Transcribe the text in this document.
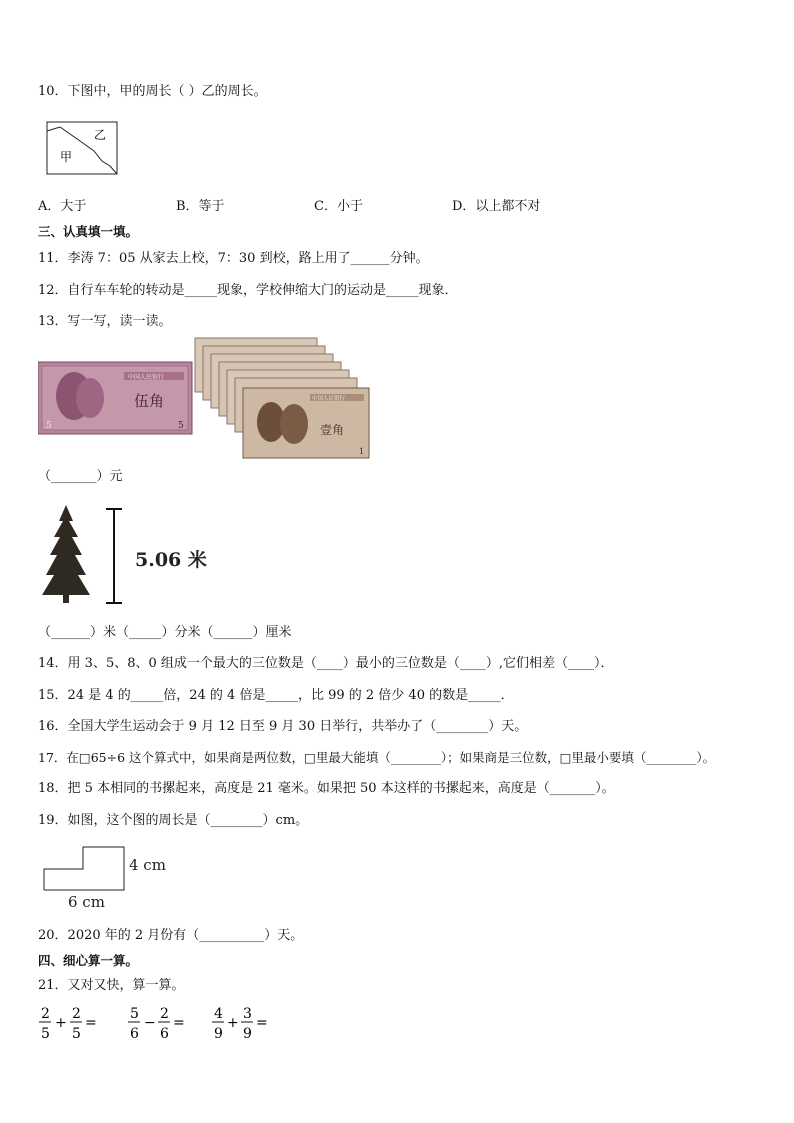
10．下图中，甲的周长（ ）乙的周长。
甲
乙
A．大于	B．等于	C．小于	D．以上都不对
三、认真填一填。
11．李涛 7：05 从家去上校，7：30 到校，路上用了______分钟。
12．自行车车轮的转动是_____现象，学校伸缩大门的运动是_____现象．
13．写一写，读一读。
中国人民银行
伍角
5	5
中国人民银行
壹角
1
（_______）元
5.06 米
（______）米（_____）分米（______）厘米
14．用 3、5、8、0 组成一个最大的三位数是（____）最小的三位数是（____）,它们相差（____）．
15．24 是 4 的_____倍，24 的 4 倍是_____，比 99 的 2 倍少 40 的数是_____．
16．全国大学生运动会于 9 月 12 日至 9 月 30 日举行，共举办了（________）天。
17．在□65÷6 这个算式中，如果商是两位数，□里最大能填（________）；如果商是三位数，□里最小要填（________）。
18．把 5 本相同的书摞起来，高度是 21 毫米。如果把 50 本这样的书摞起来，高度是（_______）。
19．如图，这个图的周长是（________）cm。
4 cm
6 cm
20．2020 年的 2 月份有（__________）天。
四、细心算一算。
21．又对又快，算一算。
2
5
+
2
5
=
5
6
−
2
6
=
4
9
+
3
9
=
